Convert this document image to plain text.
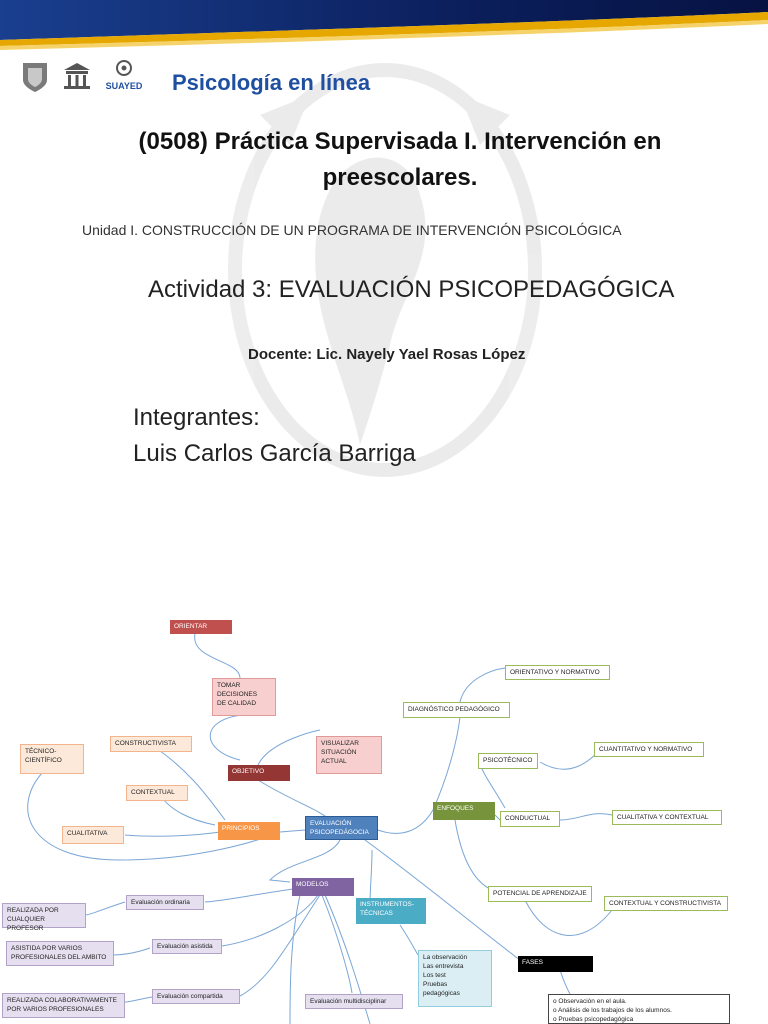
SUAYED Psicología en línea
(0508) Práctica Supervisada I. Intervención en
preescolares.
Unidad I. CONSTRUCCIÓN DE UN PROGRAMA DE INTERVENCIÓN PSICOLÓGICA
Actividad 3: EVALUACIÓN PSICOPEDAGÓGICA
Docente: Lic. Nayely Yael Rosas López
Integrantes:
Luis Carlos García Barriga
ORIENTAR
TOMAR
DECISIONES
DE CALIDAD
VISUALIZAR
SITUACIÓN
ACTUAL
OBJETIVO
CONSTRUCTIVISTA
TÉCNICO-
CIENTÍFICO
CONTEXTUAL
CUALITATIVA
PRINCIPIOS
EVALUACIÓN
PSICOPEDÁGOCIA
ENFOQUES
DIAGNÓSTICO PEDAGÓGICO
ORIENTATIVO Y NORMATIVO
PSICOTÉCNICO
CUANTITATIVO Y NORMATIVO
CONDUCTUAL	CUALITATIVA Y CONTEXTUAL
POTENCIAL DE APRENDIZAJE
CONTEXTUAL Y CONSTRUCTIVISTA
MODELOS
INSTRUMENTOS-
TÉCNICAS
La observación
Las entrevista
Los test
Pruebas
pedagógicas
FASES
o Observación en el aula.
o Análisis de los trabajos de los alumnos.
o Pruebas psicopedagógica
Evaluación ordinaria
REALIZADA POR
CUALQUIER PROFESOR
Evaluación asistida
ASISTIDA POR VARIOS
PROFESIONALES DEL AMBITO
Evaluación compartida
REALIZADA COLABORATIVAMENTE
POR VARIOS PROFESIONALES
Evaluación multidisciplinar
